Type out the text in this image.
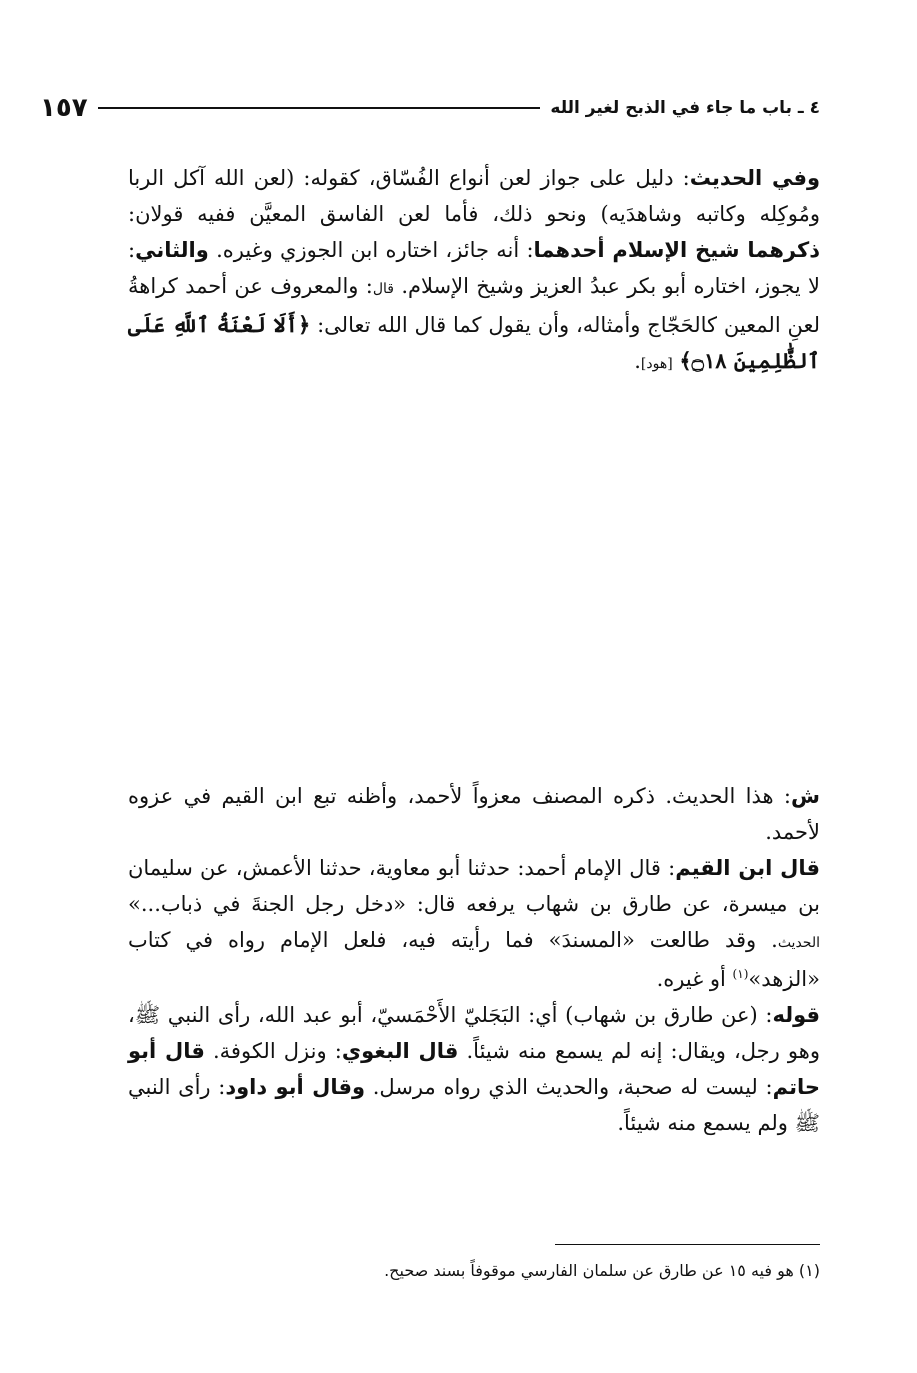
٤ ـ باب ما جاء في الذبح لغير الله
١٥٧

وفي الحديث: دليل على جواز لعن أنواع الفُسّاق، كقوله: (لعن الله آكل الربا ومُوكِله وكاتبه وشاهدَيه) ونحو ذلك، فأما لعن الفاسق المعيَّن ففيه قولان: ذكرهما شيخ الإسلام أحدهما: أنه جائز، اختاره ابن الجوزي وغيره. والثاني: لا يجوز، اختاره أبو بكر عبدُ العزيز وشيخ الإسلام. قال: والمعروف عن أحمد كراهةُ لعنِ المعين كالحَجّاج وأمثاله، وأن يقول كما قال الله تعالى: ﴿أَلَا لَعْنَةُ ٱللَّهِ عَلَى ٱلظَّٰلِمِينَ ۝١٨﴾ [هود].

ش: هذا الحديث. ذكره المصنف معزواً لأحمد، وأظنه تبع ابن القيم في عزوه لأحمد.

قال ابن القيم: قال الإمام أحمد: حدثنا أبو معاوية، حدثنا الأعمش، عن سليمان بن ميسرة، عن طارق بن شهاب يرفعه قال: «دخل رجل الجنةَ في ذباب...» الحديث. وقد طالعت «المسندَ» فما رأيته فيه، فلعل الإمام رواه في كتاب «الزهد»$^{(١)}$ أو غيره.

قوله: (عن طارق بن شهاب) أي: البَجَليّ الأَحْمَسيّ، أبو عبد الله، رأى النبي ﷺ، وهو رجل، ويقال: إنه لم يسمع منه شيئاً. قال البغوي: ونزل الكوفة. قال أبو حاتم: ليست له صحبة، والحديث الذي رواه مرسل. وقال أبو داود: رأى النبي ﷺ ولم يسمع منه شيئاً.

(١) هو فيه ١٥ عن طارق عن سلمان الفارسي موقوفاً بسند صحيح.
